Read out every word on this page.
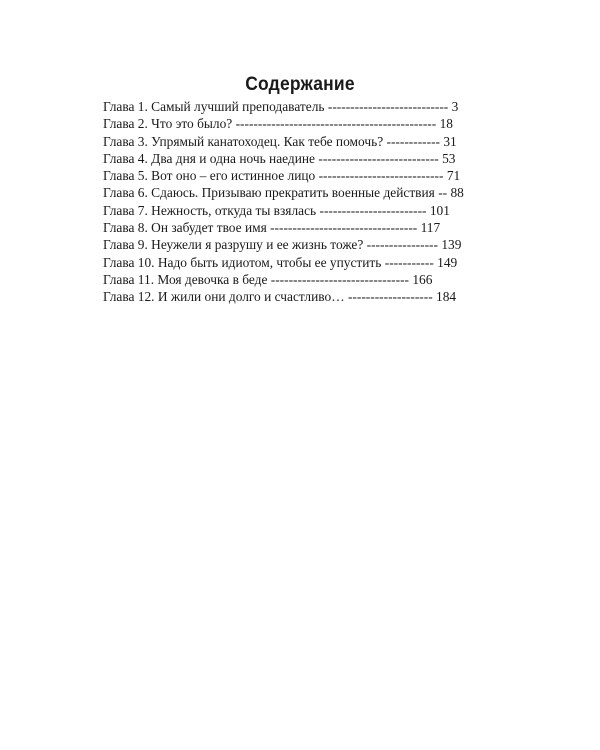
Содержание
Глава 1. Самый лучший преподаватель --------------------------- 3
Глава 2. Что это было? --------------------------------------------- 18
Глава 3. Упрямый канатоходец. Как тебе помочь? ------------ 31
Глава 4. Два дня и одна ночь наедине --------------------------- 53
Глава 5. Вот оно – его истинное лицо ---------------------------- 71
Глава 6. Сдаюсь. Призываю прекратить военные действия -- 88
Глава 7. Нежность, откуда ты взялась ------------------------ 101
Глава 8. Он забудет твое имя --------------------------------- 117
Глава 9. Неужели я разрушу и ее жизнь тоже? ---------------- 139
Глава 10. Надо быть идиотом, чтобы ее упустить ----------- 149
Глава 11. Моя девочка в беде ------------------------------- 166
Глава 12. И жили они долго и счастливо… ------------------- 184
